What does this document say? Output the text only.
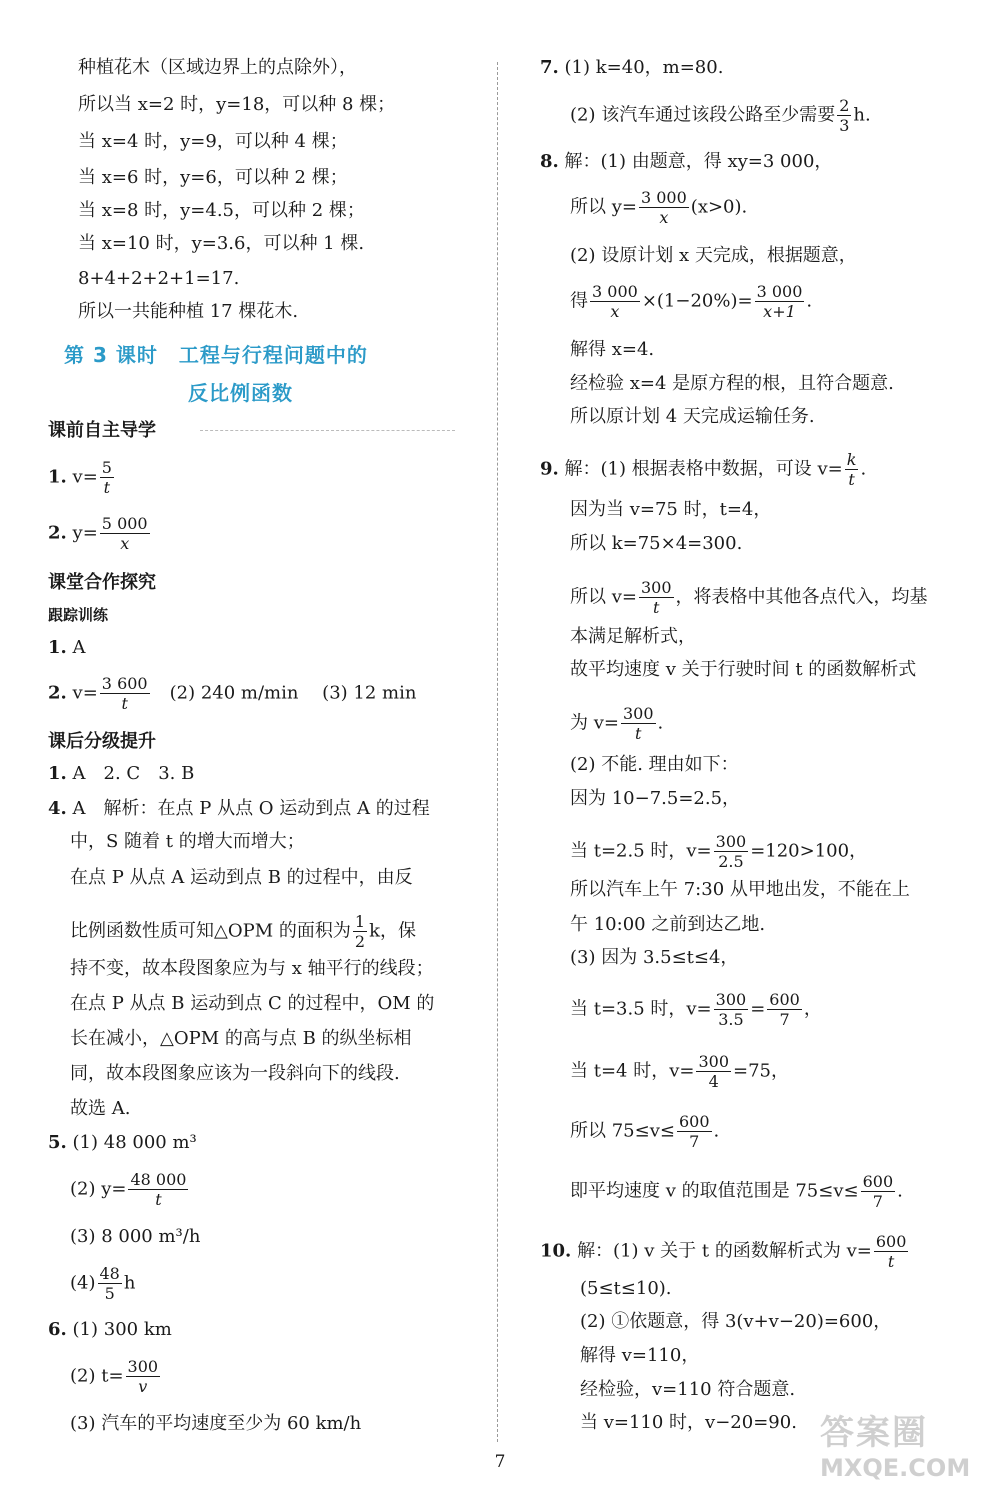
种植花木（区域边界上的点除外），
所以当 x=2 时，y=18，可以种 8 棵；
当 x=4 时，y=9，可以种 4 棵；
当 x=6 时，y=6，可以种 2 棵；
当 x=8 时，y=4.5，可以种 2 棵；
当 x=10 时，y=3.6，可以种 1 棵.
8+4+2+2+1=17.
所以一共能种植 17 棵花木.
第 3 课时　工程与行程问题中的
反比例函数
课前自主导学
1. $v= \frac{5}{t}$
2. $y= \frac{5 000}{x}$
课堂合作探究
跟踪训练
1. A
2. $v= \frac{3 600}{t}$ 　(2) 240 m/min　 (3) 12 min
课后分级提升
1. A　2. C　3. B
4. A　解析：在点 P 从点 O 运动到点 A 的过程
中，S 随着 t 的增大而增大；
在点 P 从点 A 运动到点 B 的过程中，由反
比例函数性质可知△OPM 的面积为 $\frac{1}{2}$ k，保
持不变，故本段图象应为与 x 轴平行的线段；
在点 P 从点 B 运动到点 C 的过程中，OM 的
长在减小，△OPM 的高与点 B 的纵坐标相
同，故本段图象应该为一段斜向下的线段.
故选 A.
5. (1) 48 000 m³
(2) $y= \frac{48 000}{t}$
(3) 8 000 m³/h
$(4) \frac{48}{5}$ h
6. (1) 300 km
(2) $t= \frac{300}{v}$
(3) 汽车的平均速度至少为 60 km/h
7. (1) k=40，m=80.
(2) 该汽车通过该段公路至少需要 $\frac{2}{3} h$.
8. 解：(1) 由题意，得 xy=3 000，
所以 $y= \frac{3 000}{x} (x>0)$.
(2) 设原计划 x 天完成，根据题意，
得 $\frac{3 000}{x} \times(1-20\%)= \frac{3 000}{x+1}$ .
解得 x=4.
经检验 x=4 是原方程的根，且符合题意.
所以原计划 4 天完成运输任务.
9. 解：(1) 根据表格中数据，可设 $v= \frac{k}{t}$ .
因为当 v=75 时，t=4，
所以 k=75×4=300.
所以 $v= \frac{300}{t}$ ，将表格中其他各点代入，均基
本满足解析式，
故平均速度 v 关于行驶时间 t 的函数解析式
为 $v= \frac{300}{t}$ .
(2) 不能. 理由如下：
因为 10−7.5=2.5，
当 t=2.5 时，$v= \frac{300}{2.5} =120>100$，
所以汽车上午 7:30 从甲地出发，不能在上
午 10:00 之前到达乙地.
(3) 因为 3.5≤t≤4，
当 t=3.5 时，$v= \frac{300}{3.5} = \frac{600}{7}$ ，
当 t=4 时，$v= \frac{300}{4} =75$，
所以 $75\le v\le \frac{600}{7}$ .
即平均速度 v 的取值范围是 $75\le v\le \frac{600}{7}$ .
10. 解：(1) v 关于 t 的函数解析式为 $v= \frac{600}{t}$
(5≤t≤10).
(2) ①依题意，得 3(v+v−20)=600，
解得 v=110，
经检验，v=110 符合题意.
当 v=110 时，v−20=90.
7
答案圈
MXQE.COM
